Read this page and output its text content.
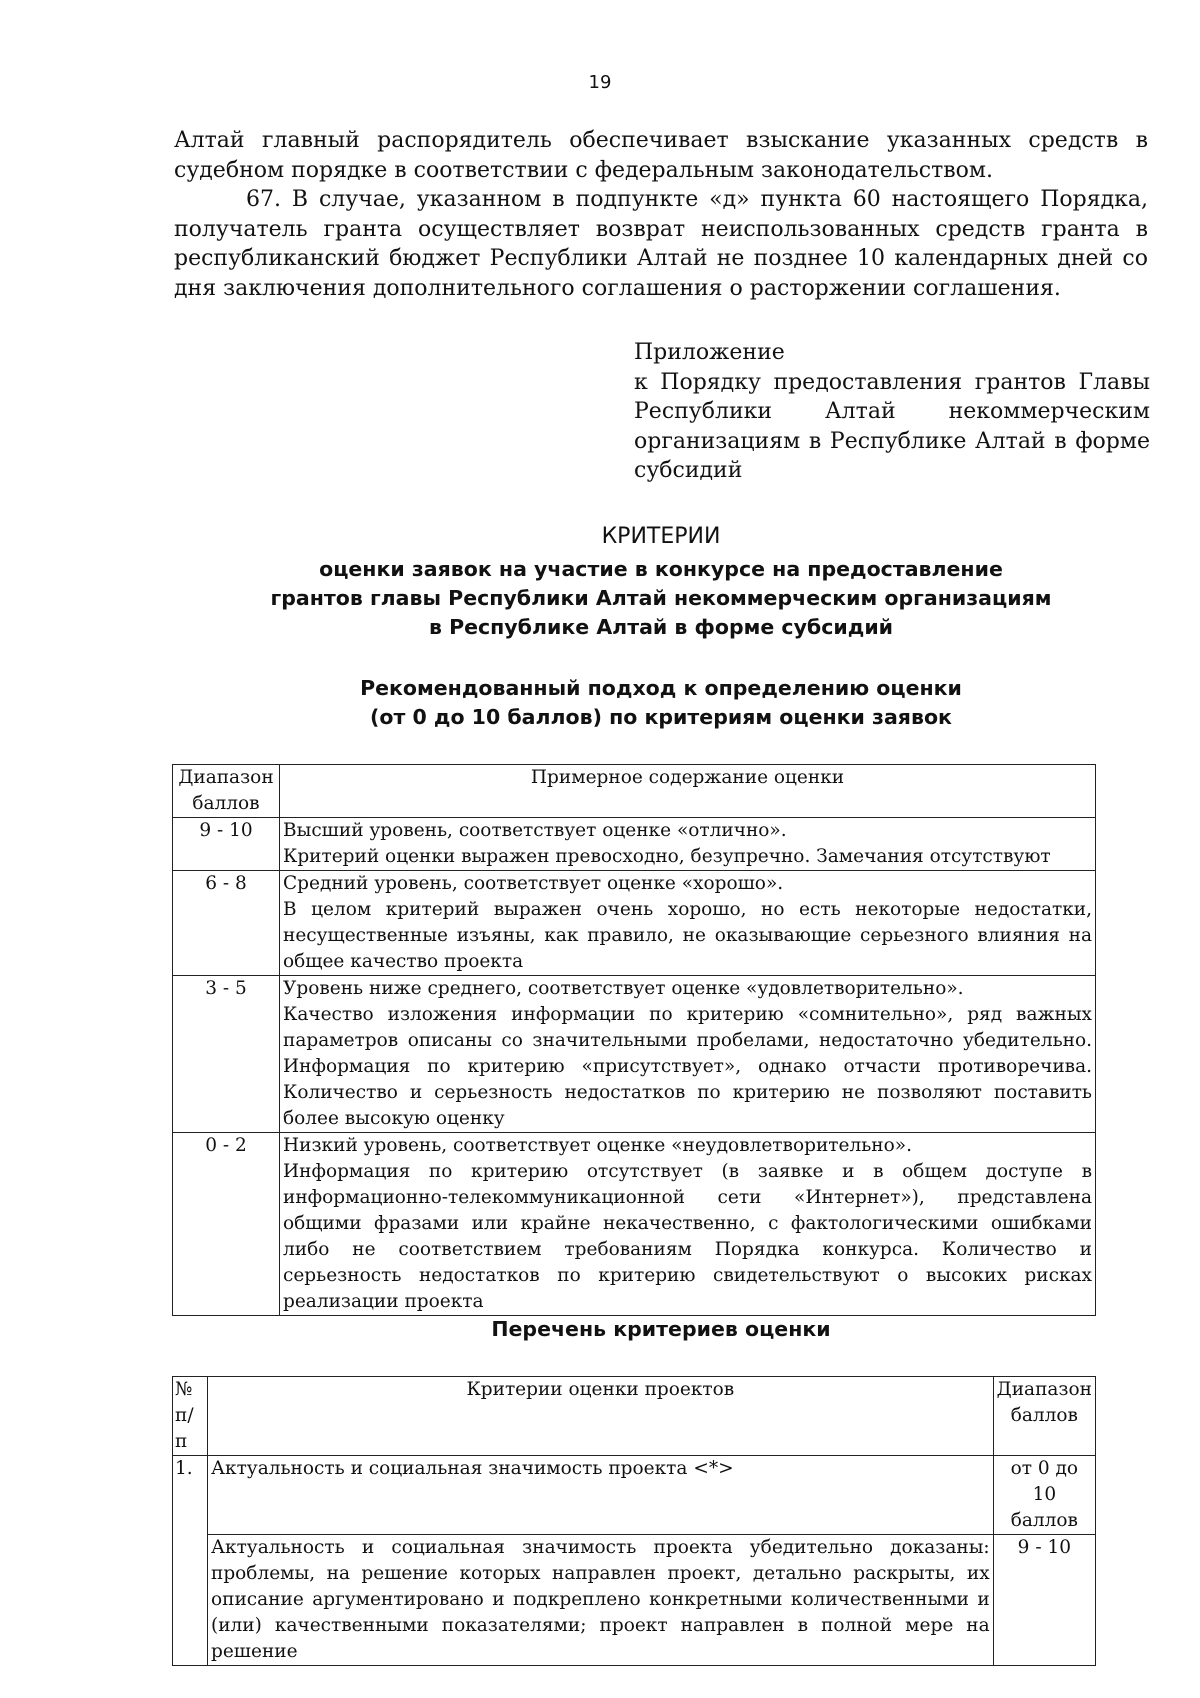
19

Алтай главный распорядитель обеспечивает взыскание указанных средств в судебном порядке в соответствии с федеральным законодательством.

67. В случае, указанном в подпункте «д» пункта 60 настоящего Порядка, получатель гранта осуществляет возврат неиспользованных средств гранта в республиканский бюджет Республики Алтай не позднее 10 календарных дней со дня заключения дополнительного соглашения о расторжении соглашения.

Приложение
к Порядку предоставления грантов Главы Республики Алтай некоммерческим организациям в Республике Алтай в форме субсидий
КРИТЕРИИ
оценки заявок на участие в конкурсе на предоставление
грантов главы Республики Алтай некоммерческим организациям
в Республике Алтай в форме субсидий
Рекомендованный подход к определению оценки
(от 0 до 10 баллов) по критериям оценки заявок
Диапазон баллов	Примерное содержание оценки
9 - 10	Высший уровень, соответствует оценке «отлично».
Критерий оценки выражен превосходно, безупречно. Замечания отсутствуют

6 - 8	Средний уровень, соответствует оценке «хорошо».
В целом критерий выражен очень хорошо, но есть некоторые недостатки, несущественные изъяны, как правило, не оказывающие серьезного влияния на общее качество проекта

3 - 5	Уровень ниже среднего, соответствует оценке «удовлетворительно».
Качество изложения информации по критерию «сомнительно», ряд важных параметров описаны со значительными пробелами, недостаточно убедительно. Информация по критерию «присутствует», однако отчасти противоречива. Количество и серьезность недостатков по критерию не позволяют поставить более высокую оценку

0 - 2	Низкий уровень, соответствует оценке «неудовлетворительно».
Информация по критерию отсутствует (в заявке и в общем доступе в информационно-телекоммуникационной сети «Интернет»), представлена общими фразами или крайне некачественно, с фактологическими ошибками либо не соответствием требованиям Порядка конкурса. Количество и серьезность недостатков по критерию свидетельствуют о высоких рисках реализации проекта
Перечень критериев оценки
№ п/п	Критерии оценки проектов	Диапазон баллов
1.	Актуальность и социальная значимость проекта <*>	от 0 до 10 баллов
	Актуальность и социальная значимость проекта убедительно доказаны: проблемы, на решение которых направлен проект, детально раскрыты, их описание аргументировано и подкреплено конкретными количественными и (или) качественными показателями; проект направлен в полной мере на решение	9 - 10
